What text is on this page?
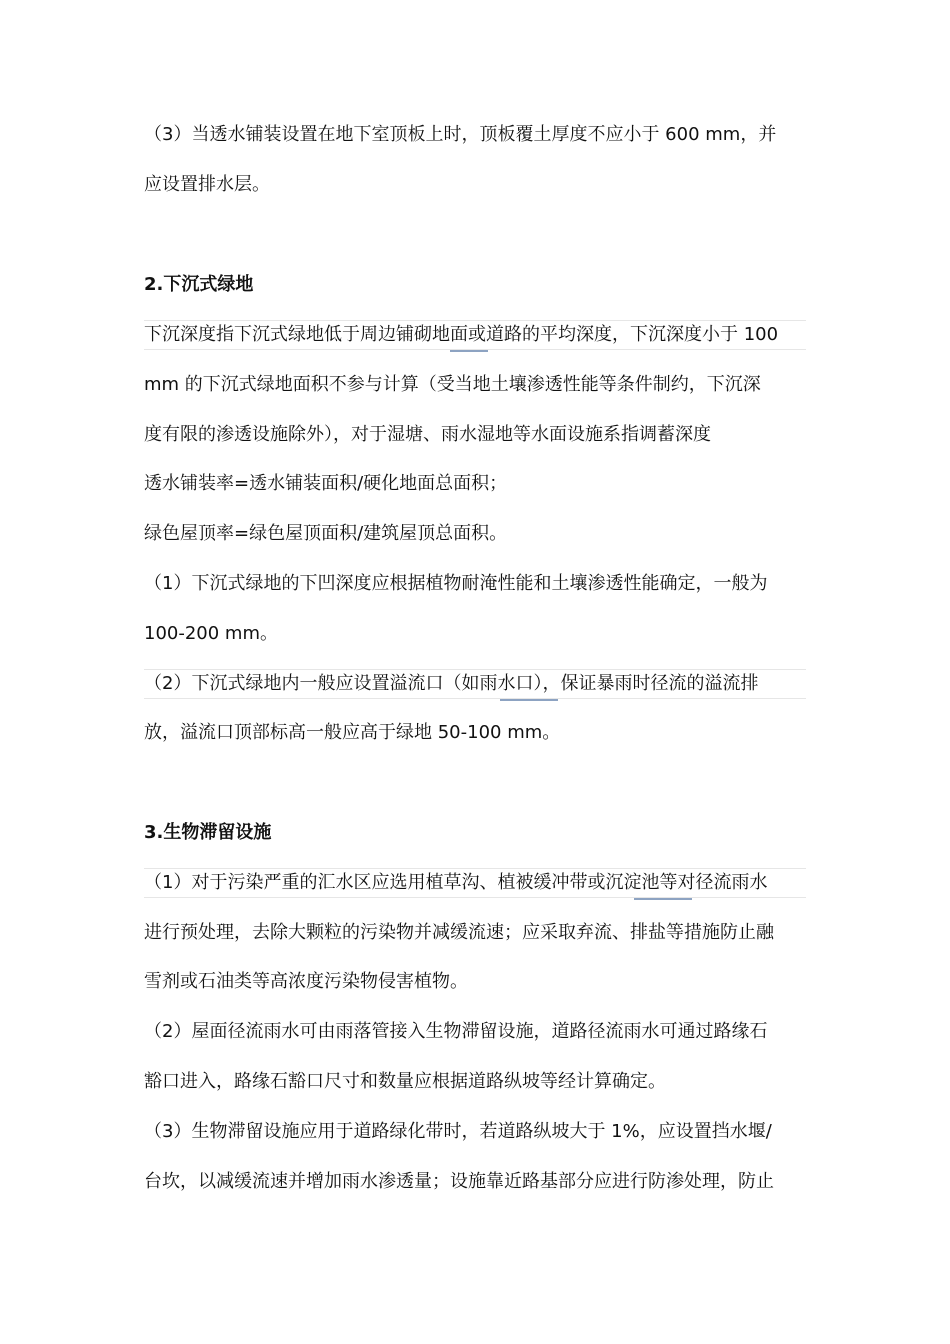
（3）当透水铺装设置在地下室顶板上时，顶板覆土厚度不应小于 600 mm，并
应设置排水层。
2.下沉式绿地
下沉深度指下沉式绿地低于周边铺砌地面或道路的平均深度，下沉深度小于 100
mm 的下沉式绿地面积不参与计算（受当地土壤渗透性能等条件制约，下沉深
度有限的渗透设施除外），对于湿塘、雨水湿地等水面设施系指调蓄深度
透水铺装率=透水铺装面积/硬化地面总面积；
绿色屋顶率=绿色屋顶面积/建筑屋顶总面积。
（1）下沉式绿地的下凹深度应根据植物耐淹性能和土壤渗透性能确定，一般为
100-200 mm。
（2）下沉式绿地内一般应设置溢流口（如雨水口），保证暴雨时径流的溢流排
放，溢流口顶部标高一般应高于绿地 50-100 mm。
3.生物滞留设施
（1）对于污染严重的汇水区应选用植草沟、植被缓冲带或沉淀池等对径流雨水
进行预处理，去除大颗粒的污染物并减缓流速；应采取弃流、排盐等措施防止融
雪剂或石油类等高浓度污染物侵害植物。
（2）屋面径流雨水可由雨落管接入生物滞留设施，道路径流雨水可通过路缘石
豁口进入，路缘石豁口尺寸和数量应根据道路纵坡等经计算确定。
（3）生物滞留设施应用于道路绿化带时，若道路纵坡大于 1%，应设置挡水堰/
台坎，以减缓流速并增加雨水渗透量；设施靠近路基部分应进行防渗处理，防止
